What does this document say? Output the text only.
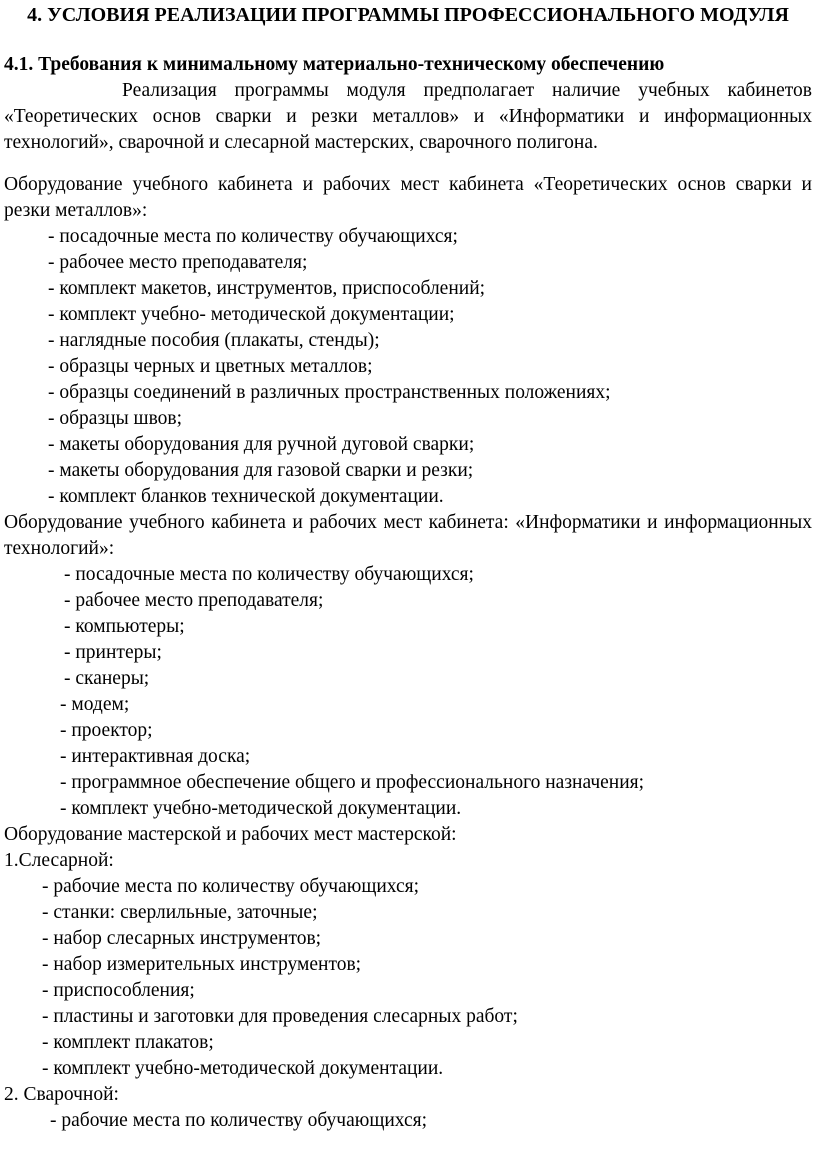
4. УСЛОВИЯ РЕАЛИЗАЦИИ ПРОГРАММЫ ПРОФЕССИОНАЛЬНОГО МОДУЛЯ

4.1. Требования к минимальному материально-техническому обеспечению

Реализация программы модуля предполагает наличие учебных кабинетов «Теоретических основ сварки и резки металлов» и «Информатики и информационных технологий», сварочной и слесарной мастерских, сварочного полигона.

Оборудование учебного кабинета и рабочих мест кабинета «Теоретических основ сварки и резки металлов»:

- посадочные места по количеству обучающихся;
- рабочее место преподавателя;
- комплект макетов, инструментов, приспособлений;
- комплект учебно- методической документации;
- наглядные пособия (плакаты, стенды);
- образцы черных и цветных металлов;
- образцы соединений в различных пространственных положениях;
- образцы швов;
- макеты оборудования для ручной дуговой сварки;
- макеты оборудования для газовой сварки и резки;
- комплект бланков технической документации.

Оборудование учебного кабинета и рабочих мест кабинета: «Информатики и информационных технологий»:

- посадочные места по количеству обучающихся;
- рабочее место преподавателя;
- компьютеры;
- принтеры;
- сканеры;
- модем;
- проектор;
- интерактивная доска;
- программное обеспечение общего и профессионального назначения;
- комплект учебно-методической документации.

Оборудование мастерской и рабочих мест мастерской:

1.Слесарной:

- рабочие места по количеству обучающихся;
- станки: сверлильные, заточные;
- набор слесарных инструментов;
- набор измерительных инструментов;
- приспособления;
- пластины и заготовки для проведения слесарных работ;
- комплект плакатов;
- комплект учебно-методической документации.

2. Сварочной:

- рабочие места по количеству обучающихся;
